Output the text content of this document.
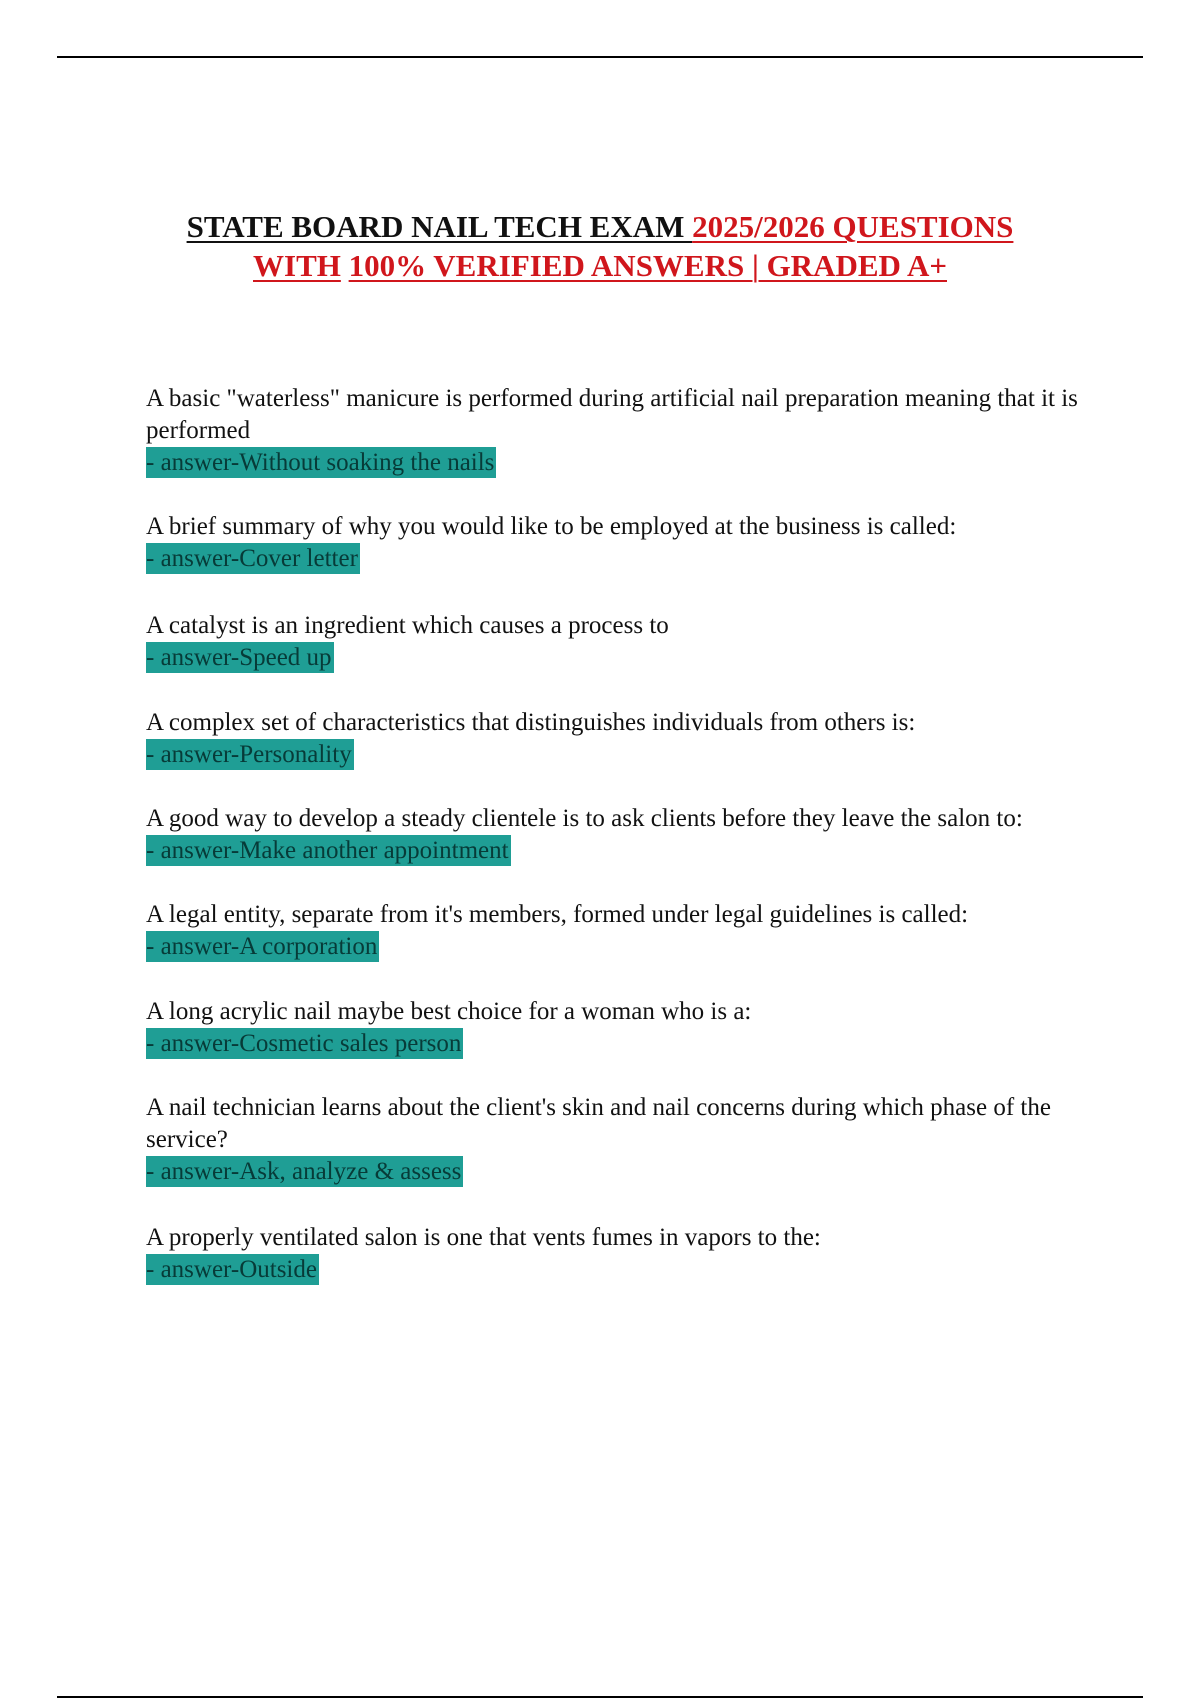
STATE BOARD NAIL TECH EXAM 2025/2026 QUESTIONS
WITH 100% VERIFIED ANSWERS | GRADED A+

A basic "waterless" manicure is performed during artificial nail preparation meaning that it is performed

- answer-Without soaking the nails

A brief summary of why you would like to be employed at the business is called:

- answer-Cover letter

A catalyst is an ingredient which causes a process to

- answer-Speed up

A complex set of characteristics that distinguishes individuals from others is:

- answer-Personality

A good way to develop a steady clientele is to ask clients before they leave the salon to:

- answer-Make another appointment

A legal entity, separate from it's members, formed under legal guidelines is called:

- answer-A corporation

A long acrylic nail maybe best choice for a woman who is a:

- answer-Cosmetic sales person

A nail technician learns about the client's skin and nail concerns during which phase of the service?

- answer-Ask, analyze & assess

A properly ventilated salon is one that vents fumes in vapors to the:

- answer-Outside
